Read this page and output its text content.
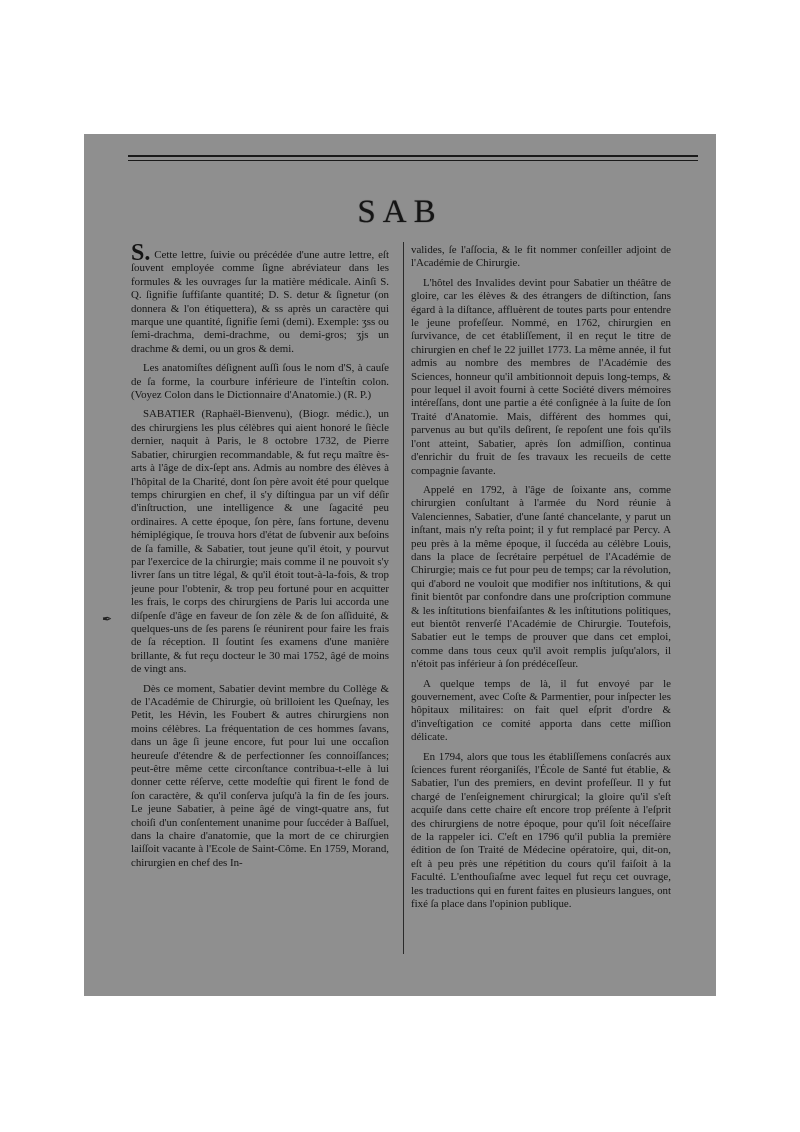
SAB

S. Cette lettre, ſuivie ou précédée d'une autre lettre, eſt ſouvent employée comme ſigne abréviateur dans les formules & les ouvrages ſur la matière médicale. Ainſi S. Q. ſignifie ſuffiſante quantité; D. S. detur & ſignetur (on donnera & l'on étiquettera), & ss après un caractère qui marque une quantité, ſignifie ſemi (demi). Exemple: ʒss ou ſemi-drachma, demi-drachme, ou demi-gros; ʒjs un drachme & demi, ou un gros & demi.

Les anatomiſtes déſignent auſſi ſous le nom d'S, à cauſe de ſa forme, la courbure inférieure de l'inteſtin colon. (Voyez Colon dans le Dictionnaire d'Anatomie.) (R. P.)

SABATIER (Raphaël-Bienvenu), (Biogr. médic.), un des chirurgiens les plus célèbres qui aient honoré le ſiècle dernier, naquit à Paris, le 8 octobre 1732, de Pierre Sabatier, chirurgien recommandable, & fut reçu maître ès-arts à l'âge de dix-ſept ans. Admis au nombre des élèves à l'hôpital de la Charité, dont ſon père avoit été pour quelque temps chirurgien en chef, il s'y diſtingua par un vif déſir d'inſtruction, une intelligence & une ſagacité peu ordinaires. A cette époque, ſon père, ſans fortune, devenu hémiplégique, ſe trouva hors d'état de ſubvenir aux beſoins de ſa famille, & Sabatier, tout jeune qu'il étoit, y pourvut par l'exercice de la chirurgie; mais comme il ne pouvoit s'y livrer ſans un titre légal, & qu'il étoit tout-à-la-fois, & trop jeune pour l'obtenir, & trop peu fortuné pour en acquitter les frais, le corps des chirurgiens de Paris lui accorda une diſpenſe d'âge en faveur de ſon zèle & de ſon aſſiduité, & quelques-uns de ſes parens ſe réunirent pour faire les frais de ſa réception. Il ſoutint ſes examens d'une manière brillante, & fut reçu docteur le 30 mai 1752, âgé de moins de vingt ans.

Dès ce moment, Sabatier devint membre du Collège & de l'Académie de Chirurgie, où brilloient les Queſnay, les Petit, les Hévin, les Foubert & autres chirurgiens non moins célèbres. La fréquentation de ces hommes ſavans, dans un âge ſi jeune encore, fut pour lui une occaſion heureuſe d'étendre & de perfectionner ſes connoiſſances; peut-être même cette circonſtance contribua-t-elle à lui donner cette réſerve, cette modeſtie qui firent le fond de ſon caractère, & qu'il conſerva juſqu'à la fin de ſes jours. Le jeune Sabatier, à peine âgé de vingt-quatre ans, fut choiſi d'un conſentement unanime pour ſuccéder à Baſſuel, dans la chaire d'anatomie, que la mort de ce chirurgien laiſſoit vacante à l'Ecole de Saint-Côme. En 1759, Morand, chirurgien en chef des In-

valides, ſe l'aſſocia, & le fit nommer conſeiller adjoint de l'Académie de Chirurgie.

L'hôtel des Invalides devint pour Sabatier un théâtre de gloire, car les élèves & des étrangers de diſtinction, ſans égard à la diſtance, affluèrent de toutes parts pour entendre le jeune profeſſeur. Nommé, en 1762, chirurgien en ſurvivance, de cet établiſſement, il en reçut le titre de chirurgien en chef le 22 juillet 1773. La même année, il fut admis au nombre des membres de l'Académie des Sciences, honneur qu'il ambitionnoit depuis long-temps, & pour lequel il avoit fourni à cette Société divers mémoires intéreſſans, dont une partie a été conſignée à la ſuite de ſon Traité d'Anatomie. Mais, différent des hommes qui, parvenus au but qu'ils deſirent, ſe repoſent une fois qu'ils l'ont atteint, Sabatier, après ſon admiſſion, continua d'enrichir du fruit de ſes travaux les recueils de cette compagnie ſavante.

Appelé en 1792, à l'âge de ſoixante ans, comme chirurgien conſultant à l'armée du Nord réunie à Valenciennes, Sabatier, d'une ſanté chancelante, y parut un inſtant, mais n'y reſta point; il y fut remplacé par Percy. A peu près à la même époque, il ſuccéda au célèbre Louis, dans la place de ſecrétaire perpétuel de l'Académie de Chirurgie; mais ce fut pour peu de temps; car la révolution, qui d'abord ne vouloit que modifier nos inſtitutions, & qui finit bientôt par confondre dans une proſcription commune & les inſtitutions bienfaiſantes & les inſtitutions politiques, eut bientôt renverſé l'Académie de Chirurgie. Toutefois, Sabatier eut le temps de prouver que dans cet emploi, comme dans tous ceux qu'il avoit remplis juſqu'alors, il n'étoit pas inférieur à ſon prédéceſſeur.

A quelque temps de là, il fut envoyé par le gouvernement, avec Coſte & Parmentier, pour inſpecter les hôpitaux militaires: on fait quel eſprit d'ordre & d'inveſtigation ce comité apporta dans cette miſſion délicate.

En 1794, alors que tous les établiſſemens conſacrés aux ſciences furent réorganiſés, l'École de Santé fut établie, & Sabatier, l'un des premiers, en devint profeſſeur. Il y fut chargé de l'enſeignement chirurgical; la gloire qu'il s'eſt acquiſe dans cette chaire eſt encore trop préſente à l'eſprit des chirurgiens de notre époque, pour qu'il ſoit néceſſaire de la rappeler ici. C'eſt en 1796 qu'il publia la première édition de ſon Traité de Médecine opératoire, qui, dit-on, eſt à peu près une répétition du cours qu'il faiſoit à la Faculté. L'enthouſiaſme avec lequel fut reçu cet ouvrage, les traductions qui en furent faites en plusieurs langues, ont fixé ſa place dans l'opinion publique.

✒
